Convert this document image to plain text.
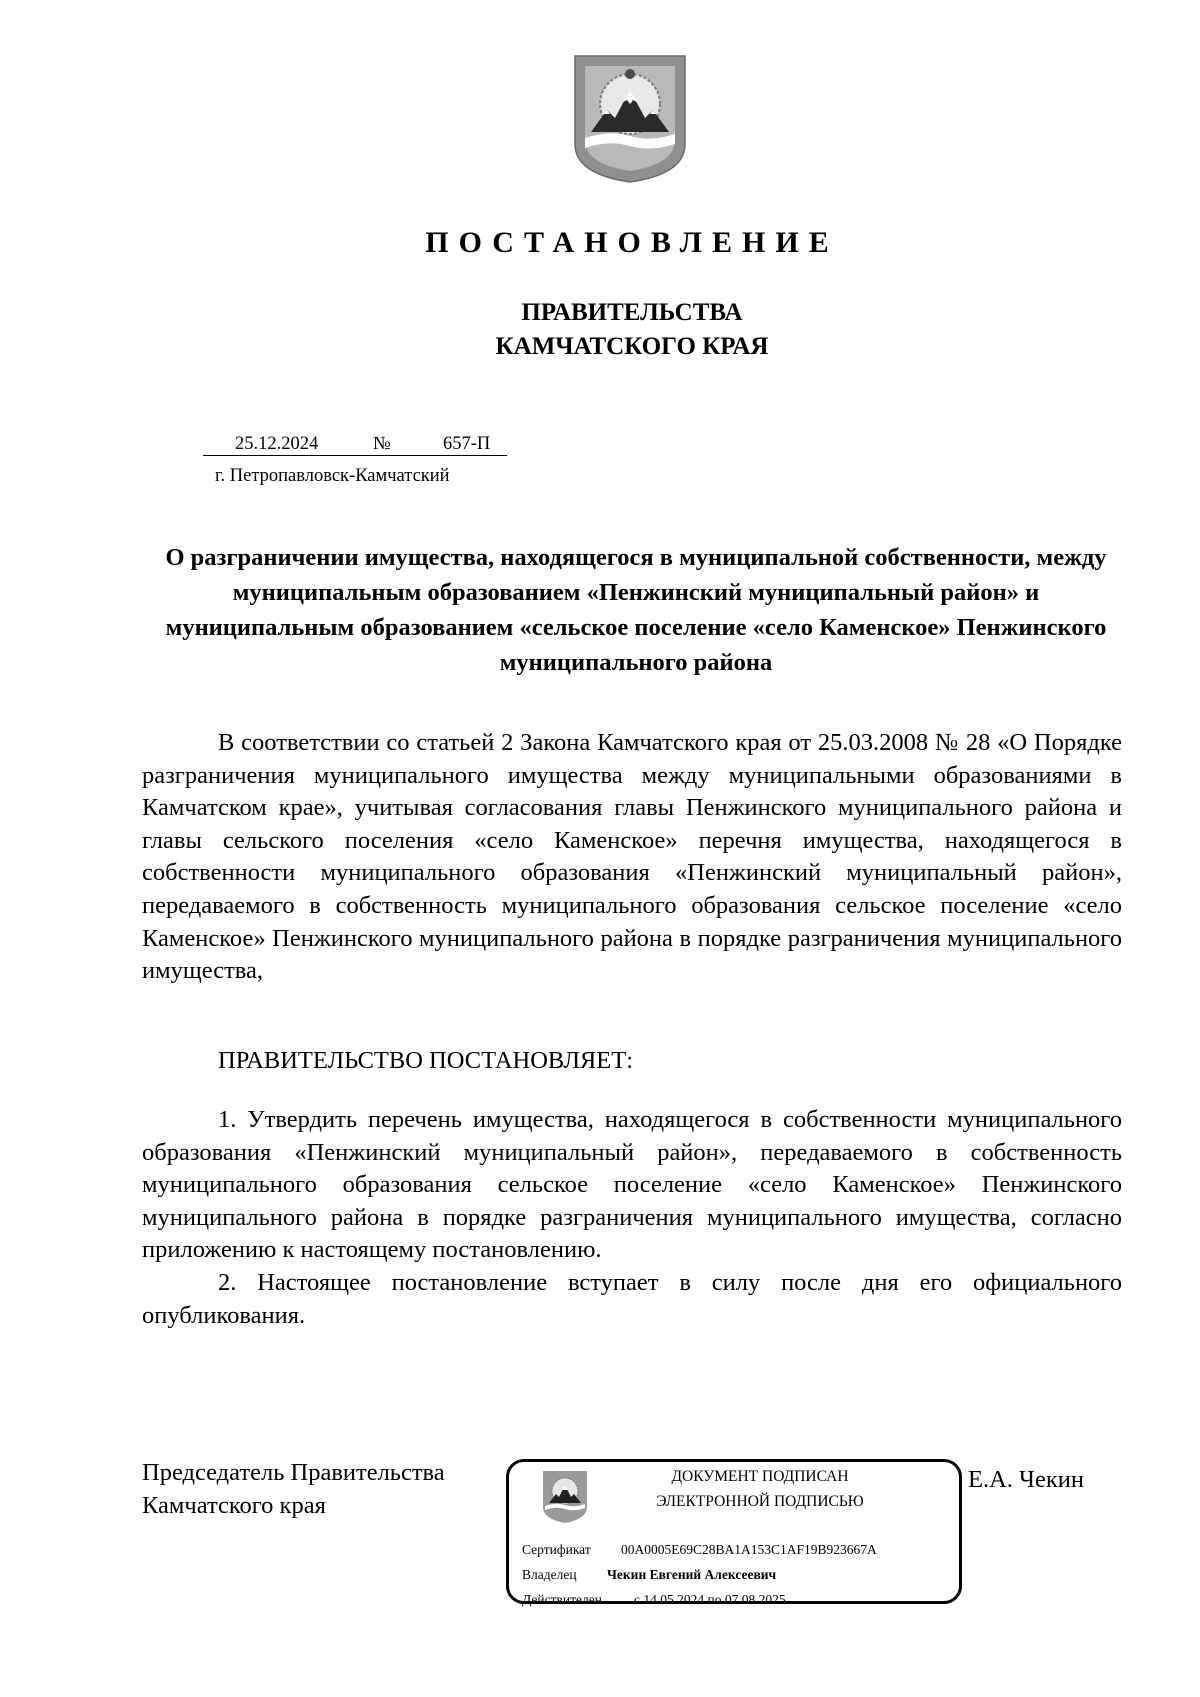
ПОСТАНОВЛЕНИЕ
ПРАВИТЕЛЬСТВА
КАМЧАТСКОГО КРАЯ
25.12.2024	№	657-П
г. Петропавловск-Камчатский
О разграничении имущества, находящегося в муниципальной собственности, между муниципальным образованием «Пенжинский муниципальный район» и муниципальным образованием «сельское поселение «село Каменское» Пенжинского муниципального района

В соответствии со статьей 2 Закона Камчатского края от 25.03.2008 № 28 «О Порядке разграничения муниципального имущества между муниципальными образованиями в Камчатском крае», учитывая согласования главы Пенжинского муниципального района и главы сельского поселения «село Каменское» перечня имущества, находящегося в собственности муниципального образования «Пенжинский муниципальный район», передаваемого в собственность муниципального образования сельское поселение «село Каменское» Пенжинского муниципального района в порядке разграничения муниципального имущества,

ПРАВИТЕЛЬСТВО ПОСТАНОВЛЯЕТ:

1. Утвердить перечень имущества, находящегося в собственности муниципального образования «Пенжинский муниципальный район», передаваемого в собственность муниципального образования сельское поселение «село Каменское» Пенжинского муниципального района в порядке разграничения муниципального имущества, согласно приложению к настоящему постановлению.

2. Настоящее постановление вступает в силу после дня его официального опубликования.

Председатель Правительства
Камчатского края
ДОКУМЕНТ ПОДПИСАН
ЭЛЕКТРОННОЙ ПОДПИСЬЮ
Сертификат 00A0005E69C28BA1A153C1AF19B923667A
Владелец Чекин Евгений Алексеевич
Действителен с 14.05.2024 по 07.08.2025
Е.А. Чекин
